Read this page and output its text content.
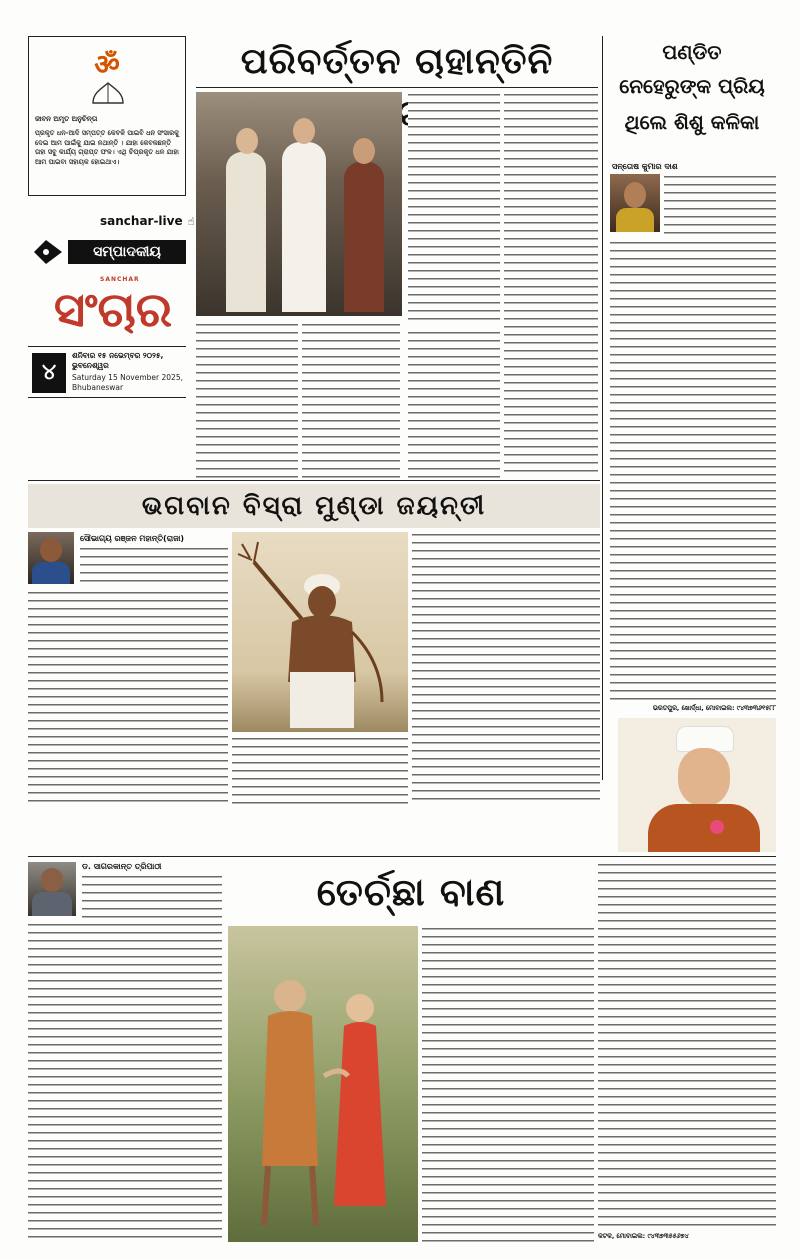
ॐ
ଜୀବନ ଅମୃତ ଅନୁଚିନ୍ତା
ପ୍ରକୃତ ଧନ-ଆଦି ସମ୍ପତ୍ତ କେବଳି ପାଇବି ଧନ ସଂସାରକୁ ଦେଇ ଆମ ପାଇଁକୁ ଯାଇ ନଥାନ୍ତି । ଯାହା କେବଳଛନ୍ତି ତାହା ସବୁ କାର୍ଯ୍ୟ ଗ୍ରାପ୍ତ ଫଳ। ଏଥି ଚିପ୍ରକୃତ ଧନ ଯାହା ଆମ ପାଇବା ସହାୟକ ହୋଇଥାଏ।
sanchar-live ☝
ସମ୍ପାଦକୀୟ
SANCHAR
ସଂଚାର
୪
ଶନିବାର ୧୫ ନଭେମ୍ବର ୨୦୨୫, ଭୁବନେଶ୍ୱର
Saturday 15 November 2025, Bhubaneswar
ପରିବର୍ତ୍ତନ ଚାହାନ୍ତିନି	ପଣ୍ଡିତ
ନେହେରୁଙ୍କ ପ୍ରିୟ
ଥିଲେ ଶିଶୁ କଳିକା
ସନ୍ତୋଷ କୁମାର ଦାଶ
ଭରତପୁର, ଖୋର୍ଦ୍ଧା, ମୋବାଇଲ: ୯୪୩୭୩୬୧୫୮୮
ଭଗବାନ ବିସ୍ରା ମୁଣ୍ଡା ଜୟନ୍ତୀ
ସୌଭାଗ୍ୟ ରଞ୍ଜନ ମହାନ୍ତି(ରାଜା)
ଡ. ସାଗରକାନ୍ତ ତ୍ରିପାଠୀ
ତେର୍ଚ୍ଛା ବାଣ
କଟକ, ମୋବାଇଲ: ୯୪୩୭୩୫୫୬୭୪
